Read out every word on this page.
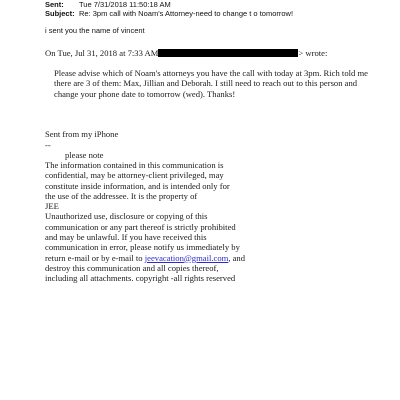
Sent: Tue 7/31/2018 11:50:18 AM
Subject: Re: 3pm call with Noam's Attorney-need to change t o tomorrow!
i sent you the name of vincent
On Tue, Jul 31, 2018 at 7:33 AM	> wrote:
Please advise which of Noam's attorneys you have the call with today at 3pm. Rich told me
there are 3 of them: Max, Jillian and Deborah. I still need to reach out to this person and
change your phone date to tomorrow (wed). Thanks!
Sent from my iPhone
--
please note
The information contained in this communication is
confidential, may be attorney-client privileged, may
constitute inside information, and is intended only for
the use of the addressee. It is the property of
JEE
Unauthorized use, disclosure or copying of this
communication or any part thereof is strictly prohibited
and may be unlawful. If you have received this
communication in error, please notify us immediately by
return e-mail or by e-mail to jeevacation@gmail.com, and
destroy this communication and all copies thereof,
including all attachments. copyright -all rights reserved
